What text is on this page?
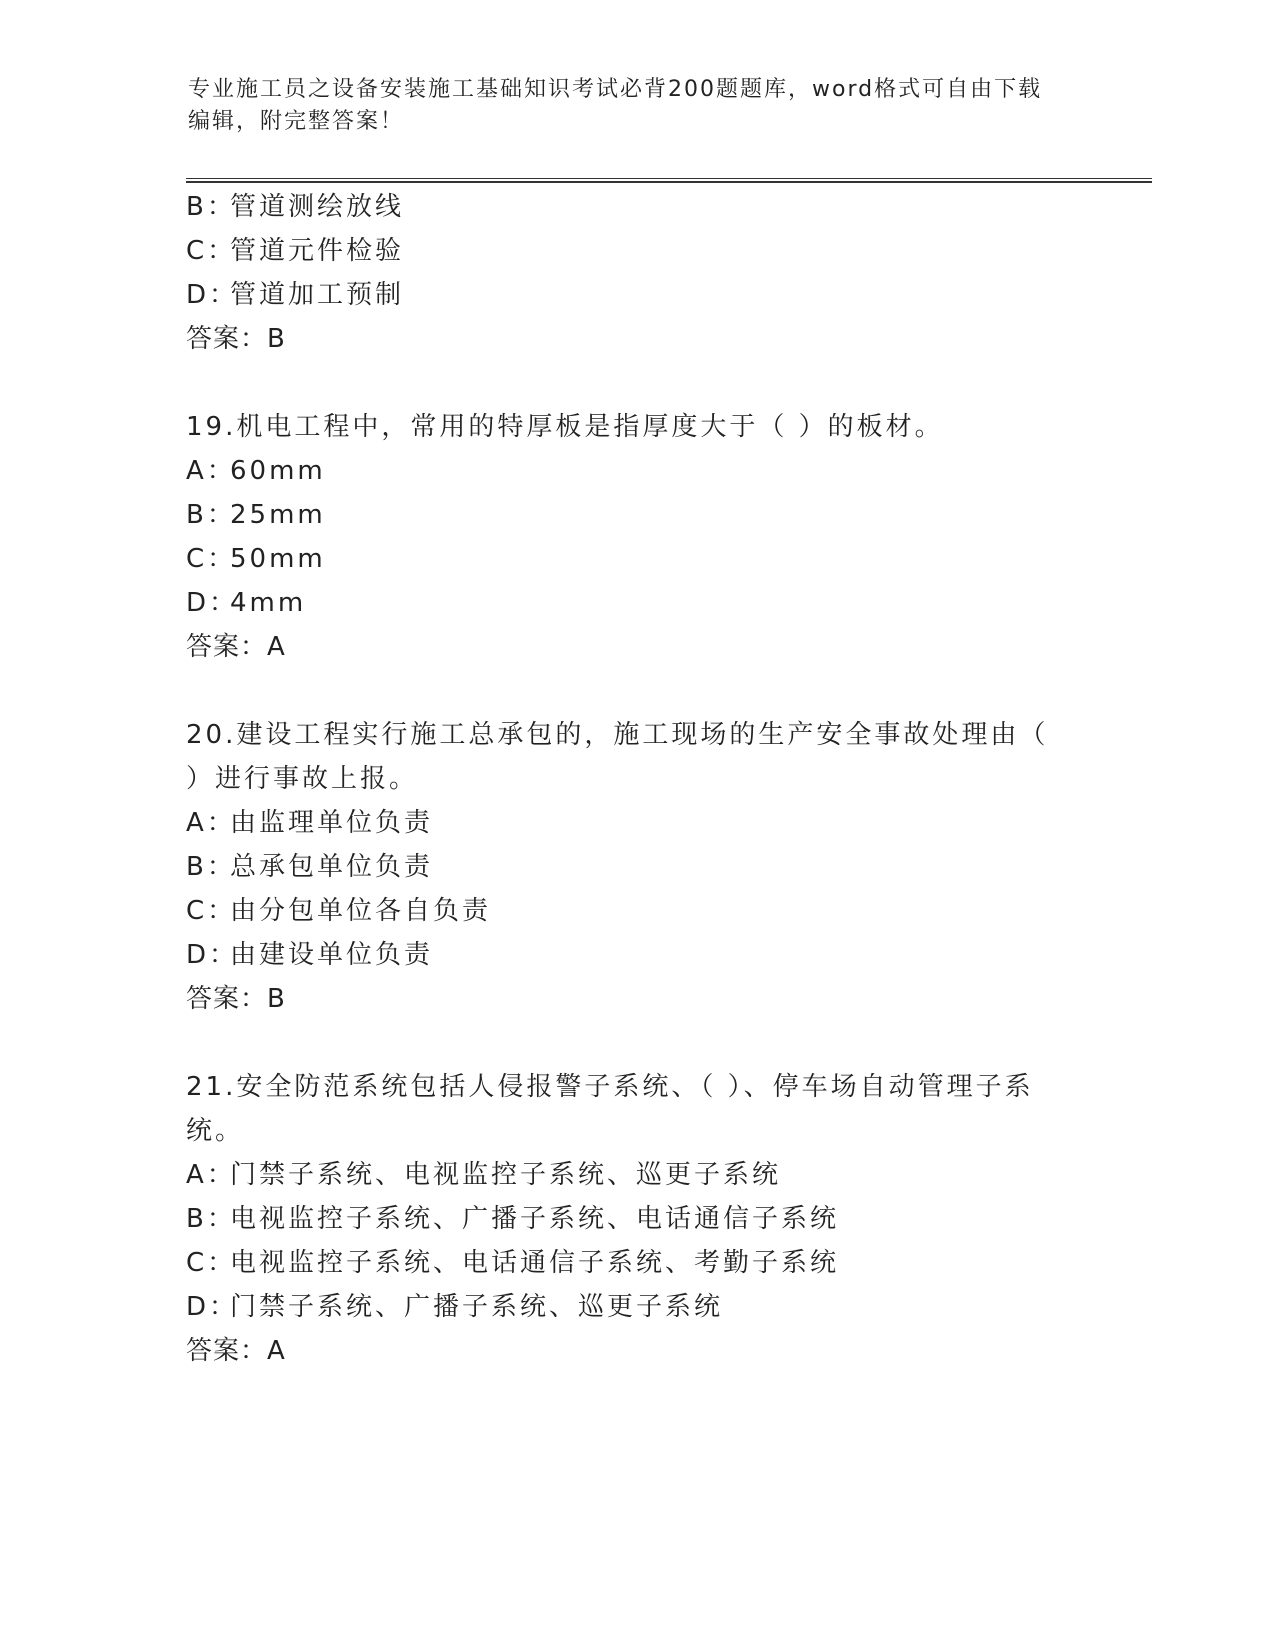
专业施工员之设备安装施工基础知识考试必背200题题库，word格式可自由下载
编辑，附完整答案！
B：管道测绘放线
C：管道元件检验
D：管道加工预制
答案：B
19.机电工程中，常用的特厚板是指厚度大于（ ）的板材。
A：60mm
B：25mm
C：50mm
D：4mm
答案：A
20.建设工程实行施工总承包的，施工现场的生产安全事故处理由（
）进行事故上报。
A：由监理单位负责
B：总承包单位负责
C：由分包单位各自负责
D：由建设单位负责
答案：B
21.安全防范系统包括人侵报警子系统、（ ）、停车场自动管理子系
统。
A：门禁子系统、电视监控子系统、巡更子系统
B：电视监控子系统、广播子系统、电话通信子系统
C：电视监控子系统、电话通信子系统、考勤子系统
D：门禁子系统、广播子系统、巡更子系统
答案：A
